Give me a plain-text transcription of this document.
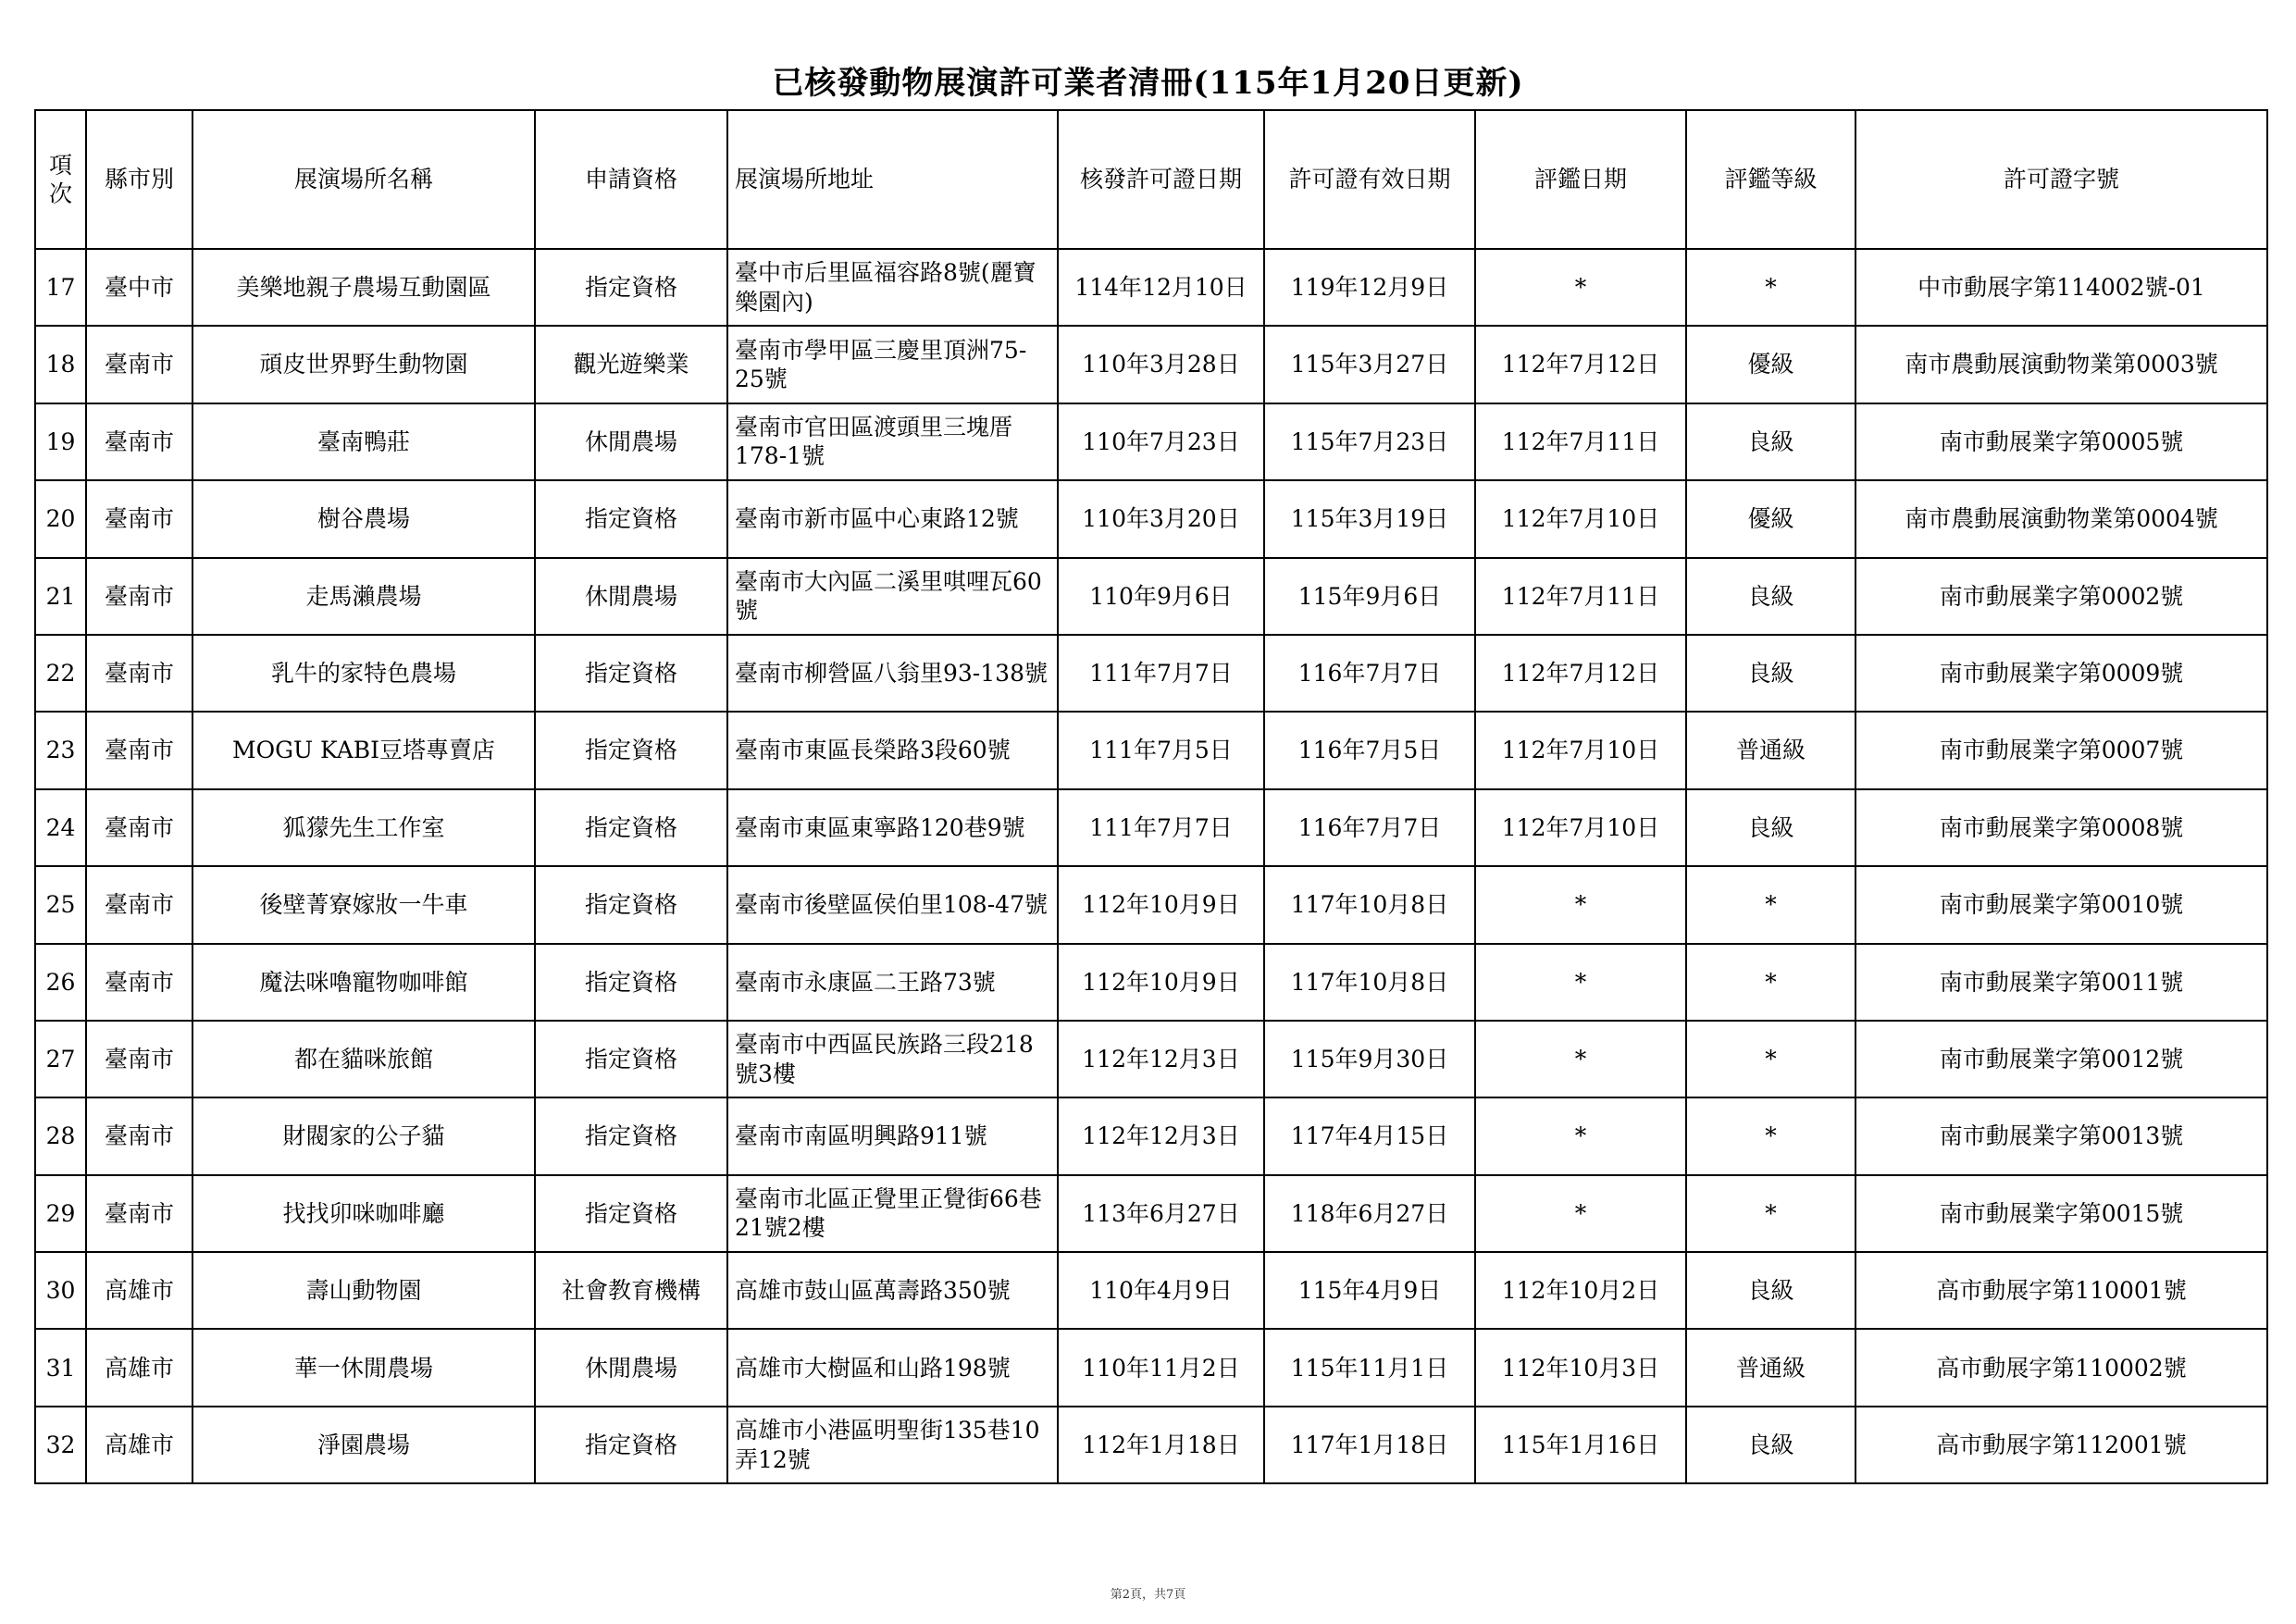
已核發動物展演許可業者清冊(115年1月20日更新)
項次	縣市別	展演場所名稱	申請資格	展演場所地址	核發許可證日期	許可證有效日期	評鑑日期	評鑑等級	許可證字號
17	臺中市	美樂地親子農場互動園區	指定資格	臺中市后里區福容路8號(麗寶樂園內)	114年12月10日	119年12月9日	*	*	中市動展字第114002號-01
18	臺南市	頑皮世界野生動物園	觀光遊樂業	臺南市學甲區三慶里頂洲75-25號	110年3月28日	115年3月27日	112年7月12日	優級	南市農動展演動物業第0003號
19	臺南市	臺南鴨莊	休閒農場	臺南市官田區渡頭里三塊厝178-1號	110年7月23日	115年7月23日	112年7月11日	良級	南市動展業字第0005號
20	臺南市	樹谷農場	指定資格	臺南市新市區中心東路12號	110年3月20日	115年3月19日	112年7月10日	優級	南市農動展演動物業第0004號
21	臺南市	走馬瀨農場	休閒農場	臺南市大內區二溪里唭哩瓦60號	110年9月6日	115年9月6日	112年7月11日	良級	南市動展業字第0002號
22	臺南市	乳牛的家特色農場	指定資格	臺南市柳營區八翁里93-138號	111年7月7日	116年7月7日	112年7月12日	良級	南市動展業字第0009號
23	臺南市	MOGU KABI豆塔專賣店	指定資格	臺南市東區長榮路3段60號	111年7月5日	116年7月5日	112年7月10日	普通級	南市動展業字第0007號
24	臺南市	狐獴先生工作室	指定資格	臺南市東區東寧路120巷9號	111年7月7日	116年7月7日	112年7月10日	良級	南市動展業字第0008號
25	臺南市	後壁菁寮嫁妝一牛車	指定資格	臺南市後壁區侯伯里108-47號	112年10月9日	117年10月8日	*	*	南市動展業字第0010號
26	臺南市	魔法咪嚕寵物咖啡館	指定資格	臺南市永康區二王路73號	112年10月9日	117年10月8日	*	*	南市動展業字第0011號
27	臺南市	都在貓咪旅館	指定資格	臺南市中西區民族路三段218號3樓	112年12月3日	115年9月30日	*	*	南市動展業字第0012號
28	臺南市	財閥家的公子貓	指定資格	臺南市南區明興路911號	112年12月3日	117年4月15日	*	*	南市動展業字第0013號
29	臺南市	找找卯咪咖啡廳	指定資格	臺南市北區正覺里正覺街66巷21號2樓	113年6月27日	118年6月27日	*	*	南市動展業字第0015號
30	高雄市	壽山動物園	社會教育機構	高雄市鼓山區萬壽路350號	110年4月9日	115年4月9日	112年10月2日	良級	高市動展字第110001號
31	高雄市	華一休閒農場	休閒農場	高雄市大樹區和山路198號	110年11月2日	115年11月1日	112年10月3日	普通級	高市動展字第110002號
32	高雄市	淨園農場	指定資格	高雄市小港區明聖街135巷10弄12號	112年1月18日	117年1月18日	115年1月16日	良級	高市動展字第112001號
第2頁，共7頁
